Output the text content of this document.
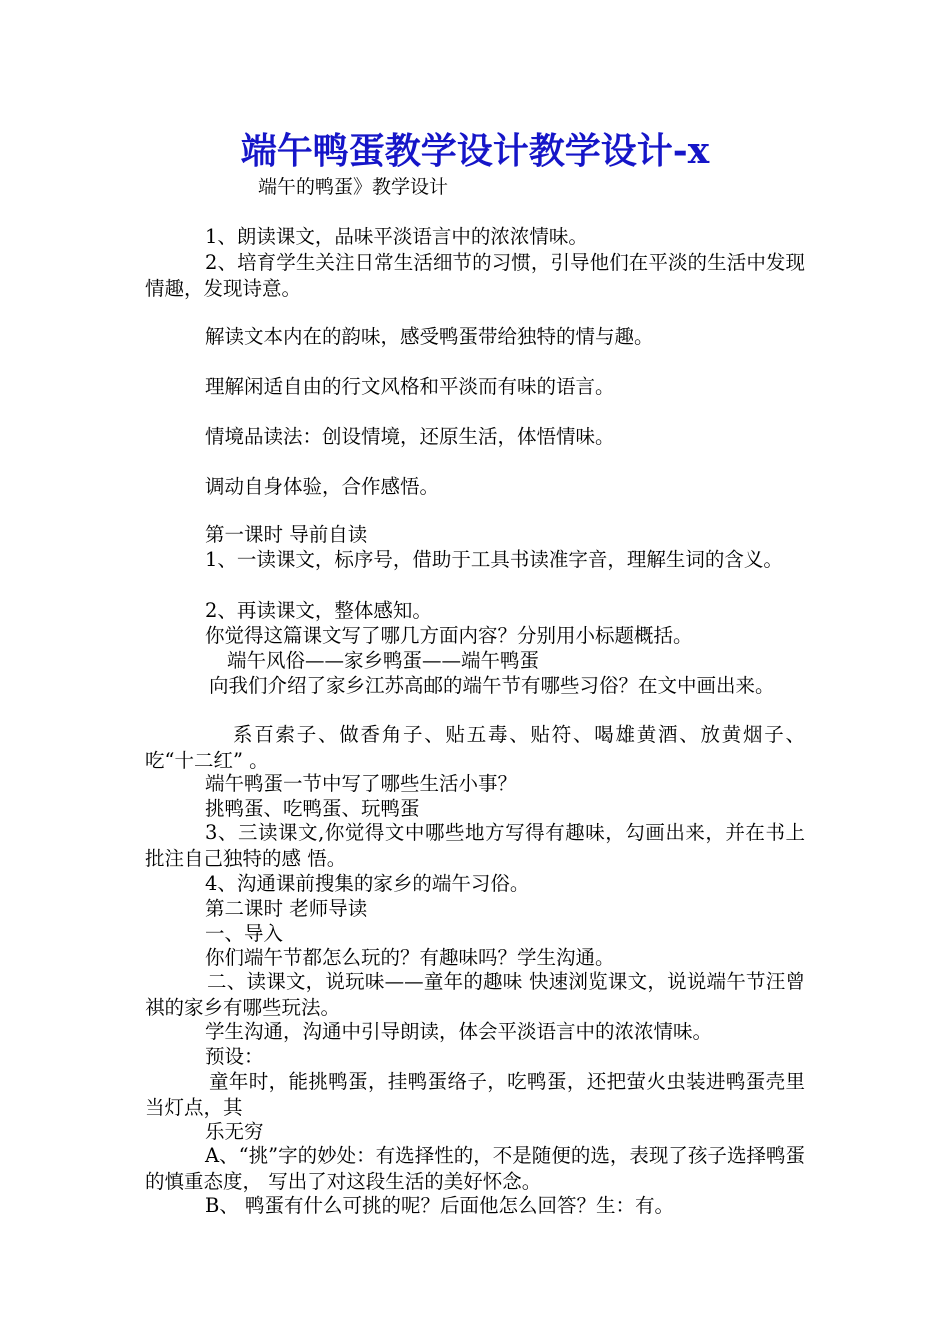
端午鸭蛋教学设计教学设计-x
端午的鸭蛋》教学设计
1、朗读课文，品味平淡语言中的浓浓情味。
2、培育学生关注日常生活细节的习惯，引导他们在平淡的生活中发现情趣，发现诗意。
解读文本内在的韵味，感受鸭蛋带给独特的情与趣。
理解闲适自由的行文风格和平淡而有味的语言。
情境品读法：创设情境，还原生活，体悟情味。
调动自身体验，合作感悟。
第一课时 导前自读
1、一读课文，标序号，借助于工具书读准字音，理解生词的含义。
2、再读课文，整体感知。
你觉得这篇课文写了哪几方面内容？分别用小标题概括。
端午风俗——家乡鸭蛋——端午鸭蛋
向我们介绍了家乡江苏高邮的端午节有哪些习俗？在文中画出来。
系百索子、做香角子、贴五毒、贴符、喝雄黄酒、放黄烟子、吃“十二红” 。
端午鸭蛋一节中写了哪些生活小事？
挑鸭蛋、吃鸭蛋、玩鸭蛋
3、三读课文,你觉得文中哪些地方写得有趣味，勾画出来，并在书上批注自己独特的感 悟。
4、沟通课前搜集的家乡的端午习俗。
第二课时 老师导读
一、导入
你们端午节都怎么玩的？有趣味吗？学生沟通。
二、读课文，说玩味——童年的趣味 快速浏览课文，说说端午节汪曾祺的家乡有哪些玩法。
学生沟通，沟通中引导朗读，体会平淡语言中的浓浓情味。
预设：
童年时，能挑鸭蛋，挂鸭蛋络子，吃鸭蛋，还把萤火虫装进鸭蛋壳里当灯点，其
乐无穷
A、“挑”字的妙处：有选择性的，不是随便的选，表现了孩子选择鸭蛋的慎重态度， 写出了对这段生活的美好怀念。
B、 鸭蛋有什么可挑的呢？后面他怎么回答？生：有。
